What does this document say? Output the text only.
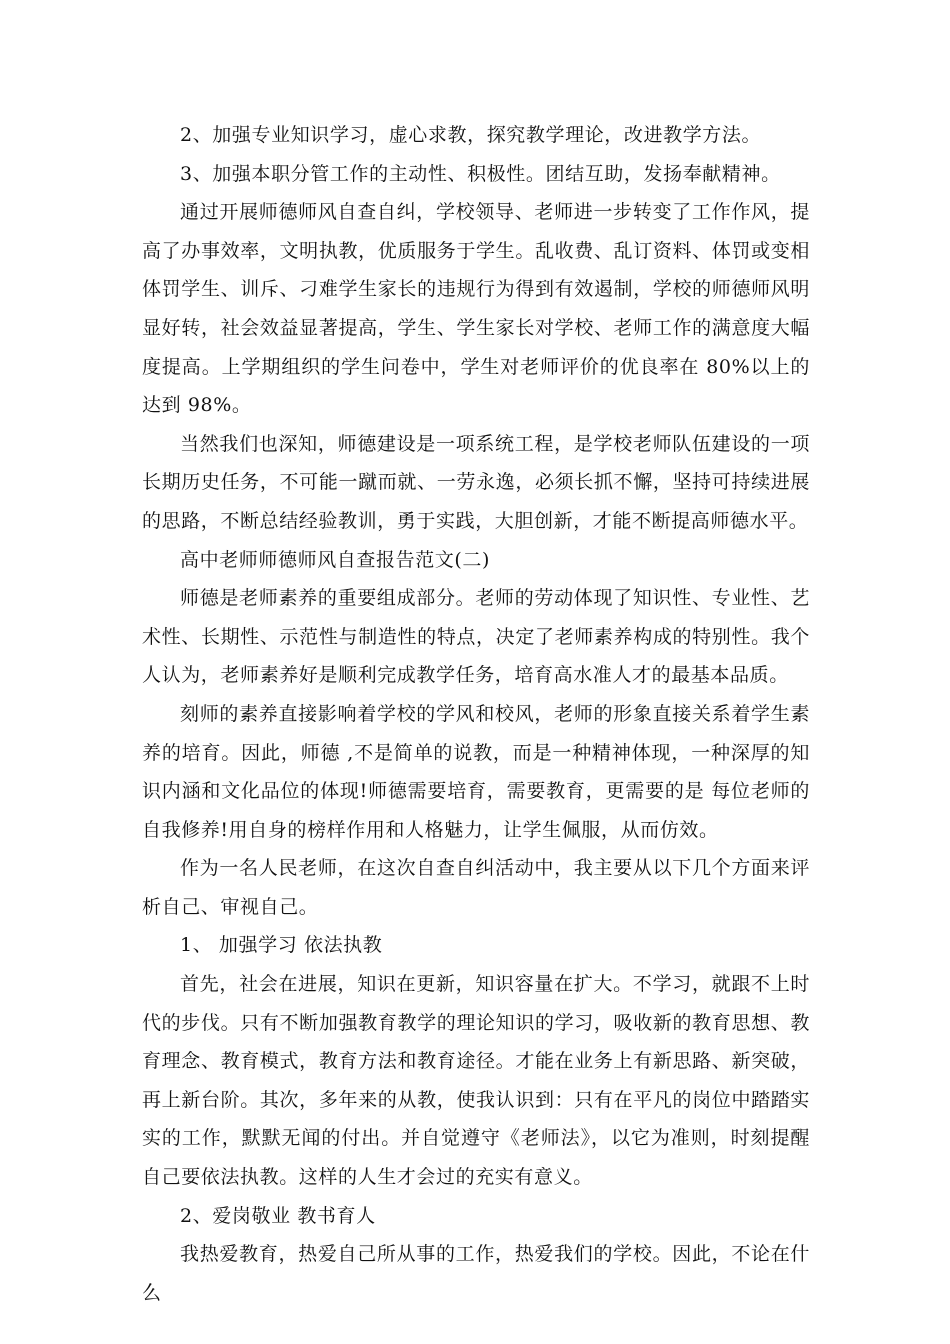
2、加强专业知识学习，虚心求教，探究教学理论，改进教学方法。

3、加强本职分管工作的主动性、积极性。团结互助，发扬奉献精神。

通过开展师德师风自查自纠，学校领导、老师进一步转变了工作作风，提高了办事效率，文明执教，优质服务于学生。乱收费、乱订资料、体罚或变相体罚学生、训斥、刁难学生家长的违规行为得到有效遏制，学校的师德师风明显好转，社会效益显著提高，学生、学生家长对学校、老师工作的满意度大幅度提高。上学期组织的学生问卷中，学生对老师评价的优良率在 80%以上的达到 98%。

当然我们也深知，师德建设是一项系统工程，是学校老师队伍建设的一项长期历史任务，不可能一蹴而就、一劳永逸，必须长抓不懈，坚持可持续进展的思路，不断总结经验教训，勇于实践，大胆创新，才能不断提高师德水平。

高中老师师德师风自查报告范文(二)

师德是老师素养的重要组成部分。老师的劳动体现了知识性、专业性、艺术性、长期性、示范性与制造性的特点，决定了老师素养构成的特别性。我个人认为，老师素养好是顺利完成教学任务，培育高水准人才的最基本品质。

刻师的素养直接影响着学校的学风和校风，老师的形象直接关系着学生素养的培育。因此，师德 ,不是简单的说教，而是一种精神体现，一种深厚的知识内涵和文化品位的体现!师德需要培育，需要教育，更需要的是 每位老师的自我修养!用自身的榜样作用和人格魅力，让学生佩服，从而仿效。

作为一名人民老师，在这次自查自纠活动中，我主要从以下几个方面来评析自己、审视自己。

1、 加强学习 依法执教

首先，社会在进展，知识在更新，知识容量在扩大。不学习，就跟不上时代的步伐。只有不断加强教育教学的理论知识的学习，吸收新的教育思想、教育理念、教育模式，教育方法和教育途径。才能在业务上有新思路、新突破，再上新台阶。其次，多年来的从教，使我认识到：只有在平凡的岗位中踏踏实实的工作，默默无闻的付出。并自觉遵守《老师法》，以它为准则，时刻提醒自己要依法执教。这样的人生才会过的充实有意义。

2、爱岗敬业 教书育人

我热爱教育，热爱自己所从事的工作，热爱我们的学校。因此，不论在什么
